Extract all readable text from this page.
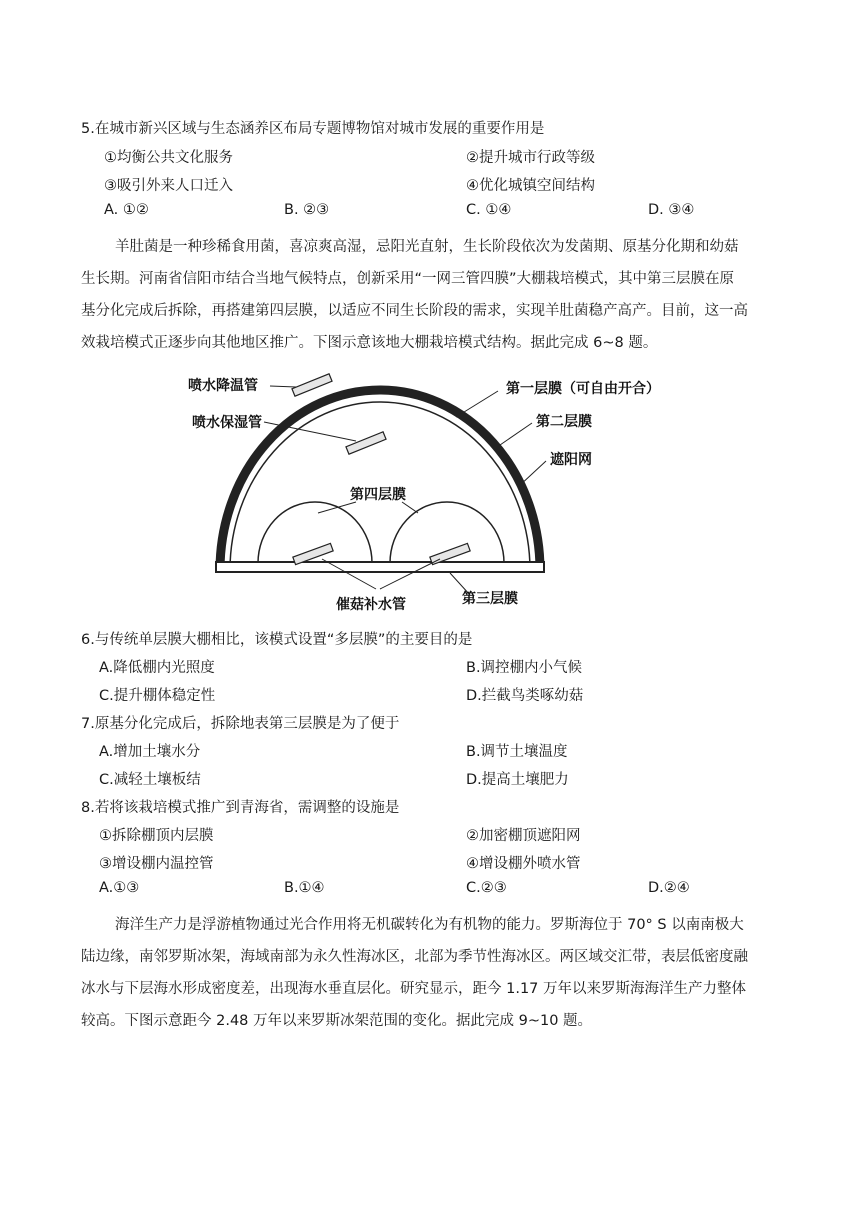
5.在城市新兴区域与生态涵养区布局专题博物馆对城市发展的重要作用是
①均衡公共文化服务	②提升城市行政等级
③吸引外来人口迁入	④优化城镇空间结构
A. ①②	B. ②③	C. ①④	D. ③④
羊肚菌是一种珍稀食用菌，喜凉爽高湿，忌阳光直射，生长阶段依次为发菌期、原基分化期和幼菇
生长期。河南省信阳市结合当地气候特点，创新采用“一网三管四膜”大棚栽培模式，其中第三层膜在原
基分化完成后拆除，再搭建第四层膜，以适应不同生长阶段的需求，实现羊肚菌稳产高产。目前，这一高
效栽培模式正逐步向其他地区推广。下图示意该地大棚栽培模式结构。据此完成 6~8 题。
喷水降温管
喷水保湿管
第一层膜（可自由开合）
第二层膜
遮阳网
第四层膜
催菇补水管	第三层膜
6.与传统单层膜大棚相比，该模式设置“多层膜”的主要目的是
A.降低棚内光照度	B.调控棚内小气候
C.提升棚体稳定性	D.拦截鸟类啄幼菇
7.原基分化完成后，拆除地表第三层膜是为了便于
A.增加土壤水分	B.调节土壤温度
C.减轻土壤板结	D.提高土壤肥力
8.若将该栽培模式推广到青海省，需调整的设施是
①拆除棚顶内层膜	②加密棚顶遮阳网
③增设棚内温控管	④增设棚外喷水管
A.①③	B.①④	C.②③	D.②④
海洋生产力是浮游植物通过光合作用将无机碳转化为有机物的能力。罗斯海位于 70° S 以南南极大
陆边缘，南邻罗斯冰架，海域南部为永久性海冰区，北部为季节性海冰区。两区域交汇带，表层低密度融
冰水与下层海水形成密度差，出现海水垂直层化。研究显示，距今 1.17 万年以来罗斯海海洋生产力整体
较高。下图示意距今 2.48 万年以来罗斯冰架范围的变化。据此完成 9~10 题。
